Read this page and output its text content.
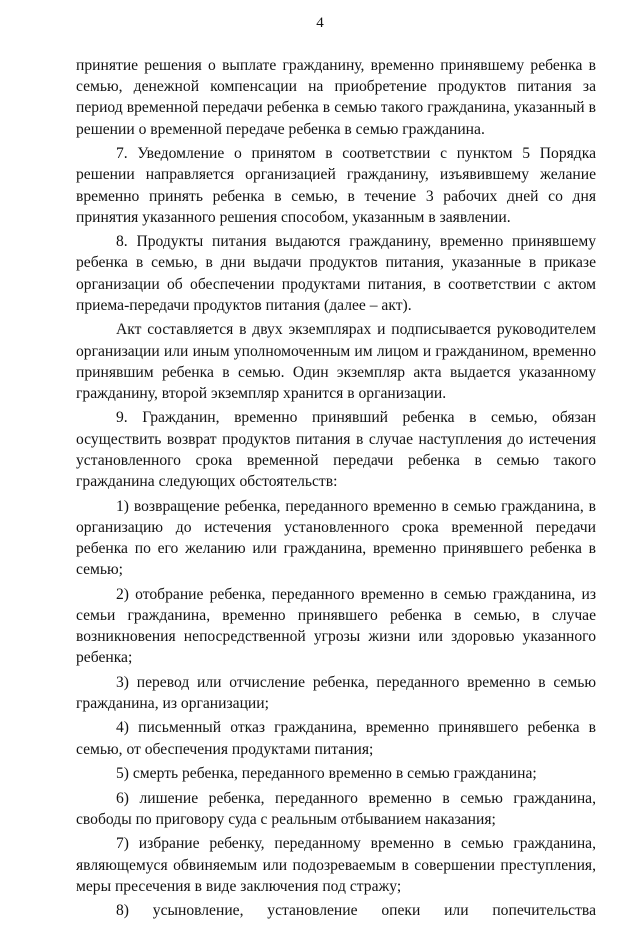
4

принятие решения о выплате гражданину, временно принявшему ребенка в семью, денежной компенсации на приобретение продуктов питания за период временной передачи ребенка в семью такого гражданина, указанный в решении о временной передаче ребенка в семью гражданина.

7. Уведомление о принятом в соответствии с пунктом 5 Порядка решении направляется организацией гражданину, изъявившему желание временно принять ребенка в семью, в течение 3 рабочих дней со дня принятия указанного решения способом, указанным в заявлении.

8. Продукты питания выдаются гражданину, временно принявшему ребенка в семью, в дни выдачи продуктов питания, указанные в приказе организации об обеспечении продуктами питания, в соответствии с актом приема-передачи продуктов питания (далее – акт).

Акт составляется в двух экземплярах и подписывается руководителем организации или иным уполномоченным им лицом и гражданином, временно принявшим ребенка в семью. Один экземпляр акта выдается указанному гражданину, второй экземпляр хранится в организации.

9. Гражданин, временно принявший ребенка в семью, обязан осуществить возврат продуктов питания в случае наступления до истечения установленного срока временной передачи ребенка в семью такого гражданина следующих обстоятельств:

1) возвращение ребенка, переданного временно в семью гражданина, в организацию до истечения установленного срока временной передачи ребенка по его желанию или гражданина, временно принявшего ребенка в семью;

2) отобрание ребенка, переданного временно в семью гражданина, из семьи гражданина, временно принявшего ребенка в семью, в случае возникновения непосредственной угрозы жизни или здоровью указанного ребенка;

3) перевод или отчисление ребенка, переданного временно в семью гражданина, из организации;

4) письменный отказ гражданина, временно принявшего ребенка в семью, от обеспечения продуктами питания;

5) смерть ребенка, переданного временно в семью гражданина;

6) лишение ребенка, переданного временно в семью гражданина, свободы по приговору суда с реальным отбыванием наказания;

7) избрание ребенку, переданному временно в семью гражданина, являющемуся обвиняемым или подозреваемым в совершении преступления, меры пресечения в виде заключения под стражу;

8) усыновление, установление опеки или попечительства
